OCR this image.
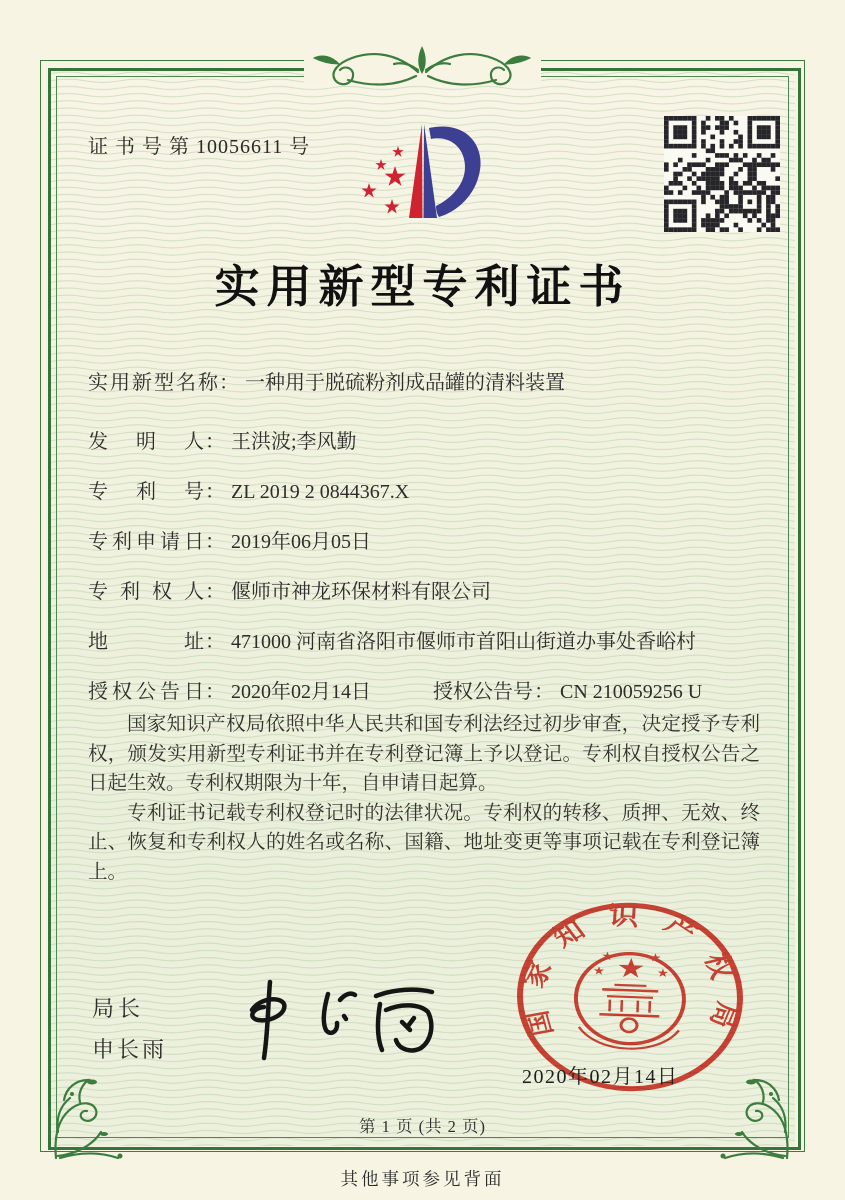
证 书 号 第 10056611 号
实用新型专利证书
实用新型名称 ： 一种用于脱硫粉剂成品罐的清料装置
发明人 ： 王洪波;李风勤
专利号 ： ZL 2019 2 0844367.X
专利申请日 ： 2019年06月05日
专利权人 ： 偃师市神龙环保材料有限公司
地址 ： 471000 河南省洛阳市偃师市首阳山街道办事处香峪村
授权公告日 ： 2020年02月14日	授权公告号 ： CN 210059256 U

国家知识产权局依照中华人民共和国专利法经过初步审查，决定授予专利权，颁发实用新型专利证书并在专利登记簿上予以登记。专利权自授权公告之日起生效。专利权期限为十年，自申请日起算。

专利证书记载专利权登记时的法律状况。专利权的转移、质押、无效、终止、恢复和专利权人的姓名或名称、国籍、地址变更等事项记载在专利登记簿上。

局长
申长雨
国家知识产权局
2020年02月14日
第 1 页 (共 2 页)
其他事项参见背面
